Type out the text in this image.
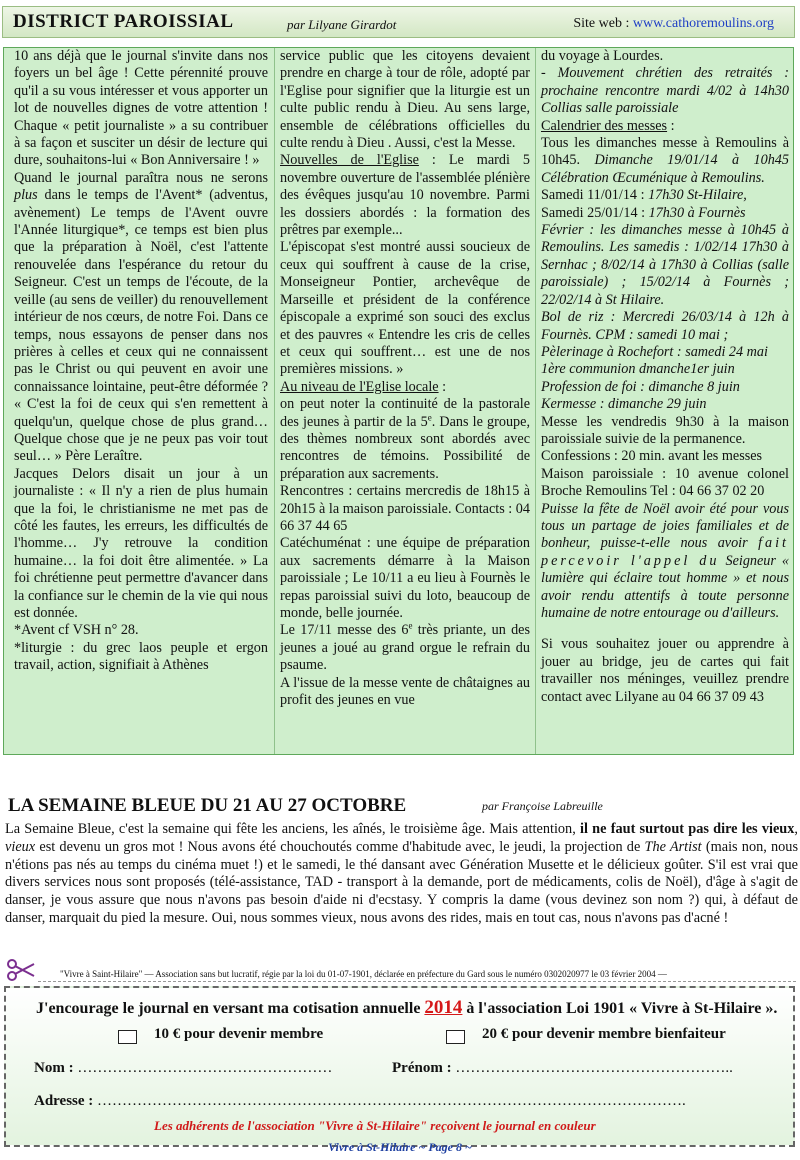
DISTRICT PAROISSIAL	par Lilyane Girardot	Site web : www.cathoremoulins.org

10 ans déjà que le journal s'invite dans nos foyers un bel âge ! Cette pérennité prouve qu'il a su vous intéresser et vous apporter un lot de nouvelles dignes de votre attention ! Chaque « petit journaliste » a su contribuer à sa façon et susciter un désir de lecture qui dure, souhaitons-lui « Bon Anniversaire ! »

Quand le journal paraîtra nous ne serons plus dans le temps de l'Avent* (adventus, avènement) Le temps de l'Avent ouvre l'Année liturgique*, ce temps est bien plus que la préparation à Noël, c'est l'attente renouvelée dans l'espérance du retour du Seigneur. C'est un temps de l'écoute, de la veille (au sens de veiller) du renouvellement intérieur de nos cœurs, de notre Foi. Dans ce temps, nous essayons de penser dans nos prières à celles et ceux qui ne connaissent pas le Christ ou qui peuvent en avoir une connaissance lointaine, peut-être déformée ? « C'est la foi de ceux qui s'en remettent à quelqu'un, quelque chose de plus grand… Quelque chose que je ne peux pas voir tout seul… » Père Leraître.

Jacques Delors disait un jour à un journaliste : « Il n'y a rien de plus humain que la foi, le christianisme ne met pas de côté les fautes, les erreurs, les difficultés de l'homme… J'y retrouve la condition humaine… la foi doit être alimentée. » La foi chrétienne peut permettre d'avancer dans la confiance sur le chemin de la vie qui nous est donnée.

*Avent cf VSH n° 28.

*liturgie : du grec laos peuple et ergon travail, action, signifiait à Athènes

service public que les citoyens devaient prendre en charge à tour de rôle, adopté par l'Eglise pour signifier que la liturgie est un culte public rendu à Dieu. Au sens large, ensemble de célébrations officielles du culte rendu à Dieu . Aussi, c'est la Messe.

Nouvelles de l'Eglise : Le mardi 5 novembre ouverture de l'assemblée plénière des évêques jusqu'au 10 novembre. Parmi les dossiers abordés : la formation des prêtres par exemple...

L'épiscopat s'est montré aussi soucieux de ceux qui souffrent à cause de la crise, Monseigneur Pontier, archevêque de Marseille et président de la conférence épiscopale a exprimé son souci des exclus et des pauvres « Entendre les cris de celles et ceux qui souffrent… est une de nos premières missions. »

Au niveau de l'Eglise locale :

on peut noter la continuité de la pastorale des jeunes à partir de la 5e. Dans le groupe, des thèmes nombreux sont abordés avec rencontres de témoins. Possibilité de préparation aux sacrements.

Rencontres : certains mercredis de 18h15 à 20h15 à la maison paroissiale. Contacts : 04 66 37 44 65

Catéchuménat : une équipe de préparation aux sacrements démarre à la Maison paroissiale ; Le 10/11 a eu lieu à Fournès le repas paroissial suivi du loto, beaucoup de monde, belle journée.

Le 17/11 messe des 6e très priante, un des jeunes a joué au grand orgue le refrain du psaume.

A l'issue de la messe vente de châtaignes au profit des jeunes en vue

du voyage à Lourdes.

- Mouvement chrétien des retraités : prochaine rencontre mardi 4/02 à 14h30 Collias salle paroissiale

Calendrier des messes :

Tous les dimanches messe à Remoulins à 10h45. Dimanche 19/01/14 à 10h45 Célébration Œcuménique à Remoulins.

Samedi 11/01/14 : 17h30 St-Hilaire,

Samedi 25/01/14 : 17h30 à Fournès

Février : les dimanches messe à 10h45 à Remoulins. Les samedis : 1/02/14 17h30 à Sernhac ; 8/02/14 à 17h30 à Collias (salle paroissiale) ; 15/02/14 à Fournès ; 22/02/14 à St Hilaire.

Bol de riz : Mercredi 26/03/14 à 12h à Fournès. CPM : samedi 10 mai ;

Pèlerinage à Rochefort : samedi 24 mai

1ère communion dmanche1er juin

Profession de foi : dimanche 8 juin

Kermesse : dimanche 29 juin

Messe les vendredis 9h30 à la maison paroissiale suivie de la permanence.

Confessions : 20 min. avant les messes

Maison paroissiale : 10 avenue colonel Broche Remoulins Tel : 04 66 37 02 20

Puisse la fête de Noël avoir été pour vous tous un partage de joies familiales et de bonheur, puisse-t-elle nous avoir fait percevoir l'appel du Seigneur « lumière qui éclaire tout homme » et nous avoir rendu attentifs à toute personne humaine de notre entourage ou d'ailleurs.

Si vous souhaitez jouer ou apprendre à jouer au bridge, jeu de cartes qui fait travailler nos méninges, veuillez prendre contact avec Lilyane au 04 66 37 09 43

LA SEMAINE BLEUE DU 21 AU 27 OCTOBRE	par Françoise Labreuille

La Semaine Bleue, c'est la semaine qui fête les anciens, les aînés, le troisième âge. Mais attention, il ne faut surtout pas dire les vieux, vieux est devenu un gros mot ! Nous avons été chouchoutés comme d'habitude avec, le jeudi, la projection de The Artist (mais non, nous n'étions pas nés au temps du cinéma muet !) et le samedi, le thé dansant avec Génération Musette et le délicieux goûter. S'il est vrai que divers services nous sont proposés (télé-assistance, TAD - transport à la demande, port de médicaments, colis de Noël), d'âge à s'agit de danser, je vous assure que nous n'avons pas besoin d'aide ni d'ecstasy. Y compris la dame (vous devinez son nom ?) qui, à défaut de danser, marquait du pied la mesure. Oui, nous sommes vieux, nous avons des rides, mais en tout cas, nous n'avons pas d'acné !

"Vivre à Saint-Hilaire" — Association sans but lucratif, régie par la loi du 01-07-1901, déclarée en préfecture du Gard sous le numéro 0302020977 le 03 février 2004 —
J'encourage le journal en versant ma cotisation annuelle 2014 à l'association Loi 1901 « Vivre à St-Hilaire ».
10 € pour devenir membre	20 € pour devenir membre bienfaiteur
Nom : ……………………………………………	Prénom : ………………………………………………..
Adresse : ……………………………………………………………………………………………………….
Les adhérents de l'association "Vivre à St-Hilaire" reçoivent le journal en couleur
Vivre à St-Hilaire ~ Page 8 ~
